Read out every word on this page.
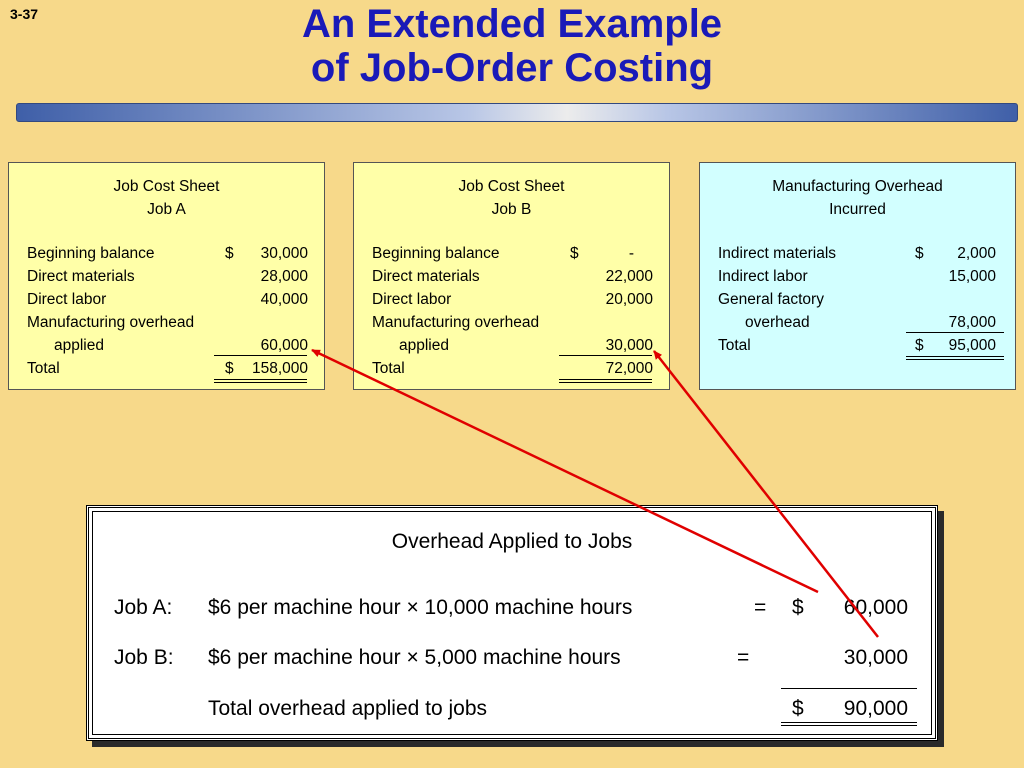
3-37	An Extended Example
of Job-Order Costing
Job Cost Sheet
Job A
Beginning balance	$ 30,000
Direct materials	28,000
Direct labor	40,000
Manufacturing overhead
applied	60,000
Total	$ 158,000
Job Cost Sheet
Job B
Beginning balance	$	-
Direct materials	22,000
Direct labor	20,000
Manufacturing overhead
applied	30,000
Total	72,000
Manufacturing Overhead
Incurred
Indirect materials	$ 2,000
Indirect labor	15,000
General factory
overhead	78,000
Total	$ 95,000
Overhead Applied to Jobs
Job A: $6 per machine hour × 10,000 machine hours	= $ 60,000
Job B: $6 per machine hour × 5,000 machine hours	=	30,000
Total overhead applied to jobs	$ 90,000
